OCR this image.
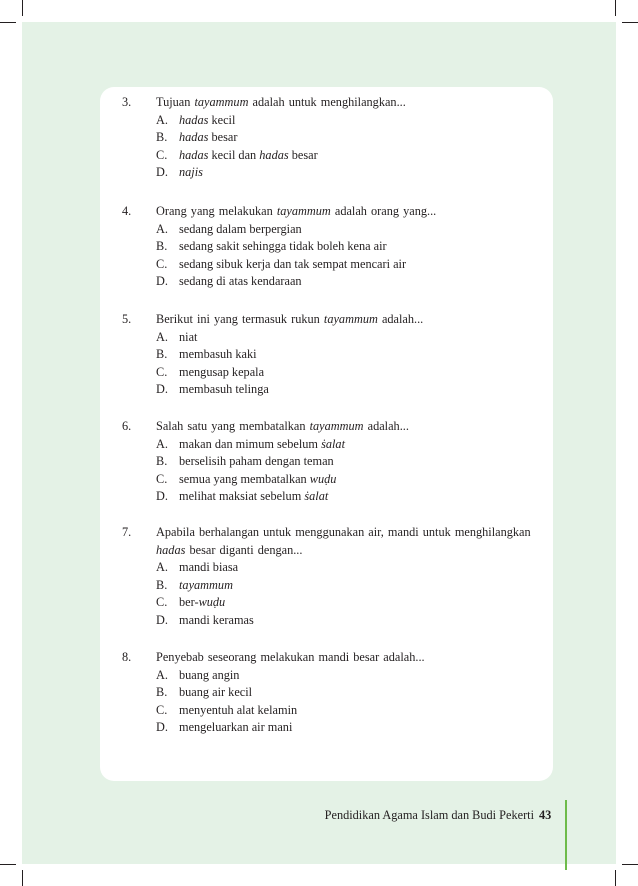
3. Tujuan tayammum adalah untuk menghilangkan...
A. hadas kecil
B. hadas besar
C. hadas kecil dan hadas besar
D. najis
4. Orang yang melakukan tayammum adalah orang yang...
A. sedang dalam berpergian
B. sedang sakit sehingga tidak boleh kena air
C. sedang sibuk kerja dan tak sempat mencari air
D. sedang di atas kendaraan
5. Berikut ini yang termasuk rukun tayammum adalah...
A. niat
B. membasuh kaki
C. mengusap kepala
D. membasuh telinga
6. Salah satu yang membatalkan tayammum adalah...
A. makan dan mimum sebelum ṡalat
B. berselisih paham dengan teman
C. semua yang membatalkan wuḍu
D. melihat maksiat sebelum ṡalat
7. Apabila berhalangan untuk menggunakan air, mandi untuk menghilangkan
hadas besar diganti dengan...
A. mandi biasa
B. tayammum
C. ber-wuḍu
D. mandi keramas
8. Penyebab seseorang melakukan mandi besar adalah...
A. buang angin
B. buang air kecil
C. menyentuh alat kelamin
D. mengeluarkan air mani
Pendidikan Agama Islam dan Budi Pekerti 43
